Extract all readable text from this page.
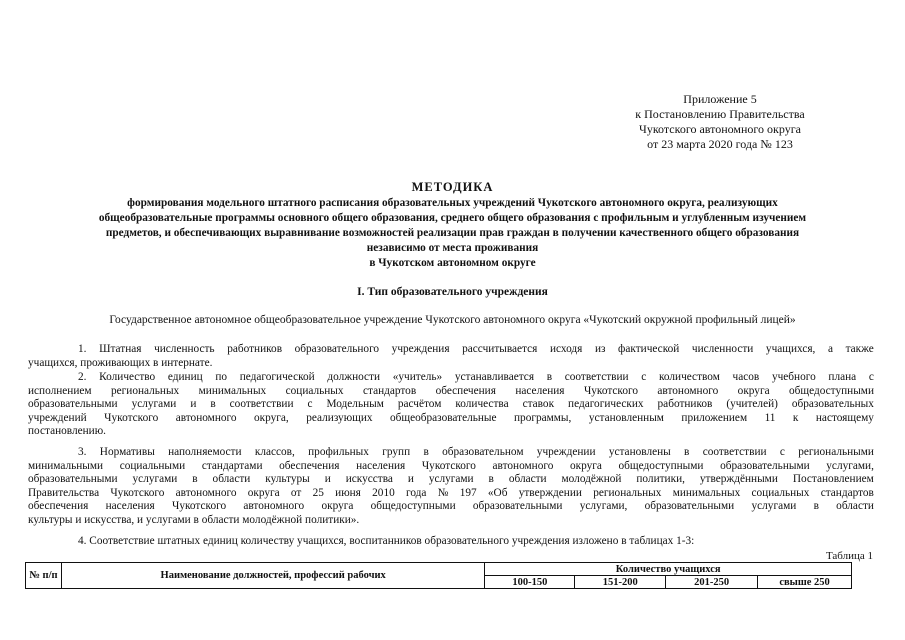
Приложение 5
к Постановлению Правительства
Чукотского автономного округа
от 23 марта 2020 года № 123
МЕТОДИКА
формирования модельного штатного расписания образовательных учреждений Чукотского автономного округа, реализующих
общеобразовательные программы основного общего образования, среднего общего образования с профильным и углубленным изучением
предметов, и обеспечивающих выравнивание возможностей реализации прав граждан в получении качественного общего образования
независимо от места проживания
в Чукотском автономном округе
I. Тип образовательного учреждения
Государственное автономное общеобразовательное учреждение Чукотского автономного округа «Чукотский окружной профильный лицей»
1. Штатная численность работников образовательного учреждения рассчитывается исходя из фактической численности учащихся, а также
учащихся, проживающих в интернате.
2. Количество единиц по педагогической должности «учитель» устанавливается в соответствии с количеством часов учебного плана с
исполнением региональных минимальных социальных стандартов обеспечения населения Чукотского автономного округа общедоступными
образовательными услугами и в соответствии с Модельным расчётом количества ставок педагогических работников (учителей) образовательных
учреждений Чукотского автономного округа, реализующих общеобразовательные программы, установленным приложением 11 к настоящему
постановлению.
3. Нормативы наполняемости классов, профильных групп в образовательном учреждении установлены в соответствии с региональными
минимальными социальными стандартами обеспечения населения Чукотского автономного округа общедоступными образовательными услугами,
образовательными услугами в области культуры и искусства и услугами в области молодёжной политики, утверждёнными Постановлением
Правительства Чукотского автономного округа от 25 июня 2010 года № 197 «Об утверждении региональных минимальных социальных стандартов
обеспечения населения Чукотского автономного округа общедоступными образовательными услугами, образовательными услугами в области
культуры и искусства, и услугами в области молодёжной политики».
4. Соответствие штатных единиц количеству учащихся, воспитанников образовательного учреждения изложено в таблицах 1-3:
Таблица 1
№ п/п	Наименование должностей, профессий рабочих	Количество учащихся			
		100-150	151-200	201-250	свыше 250
